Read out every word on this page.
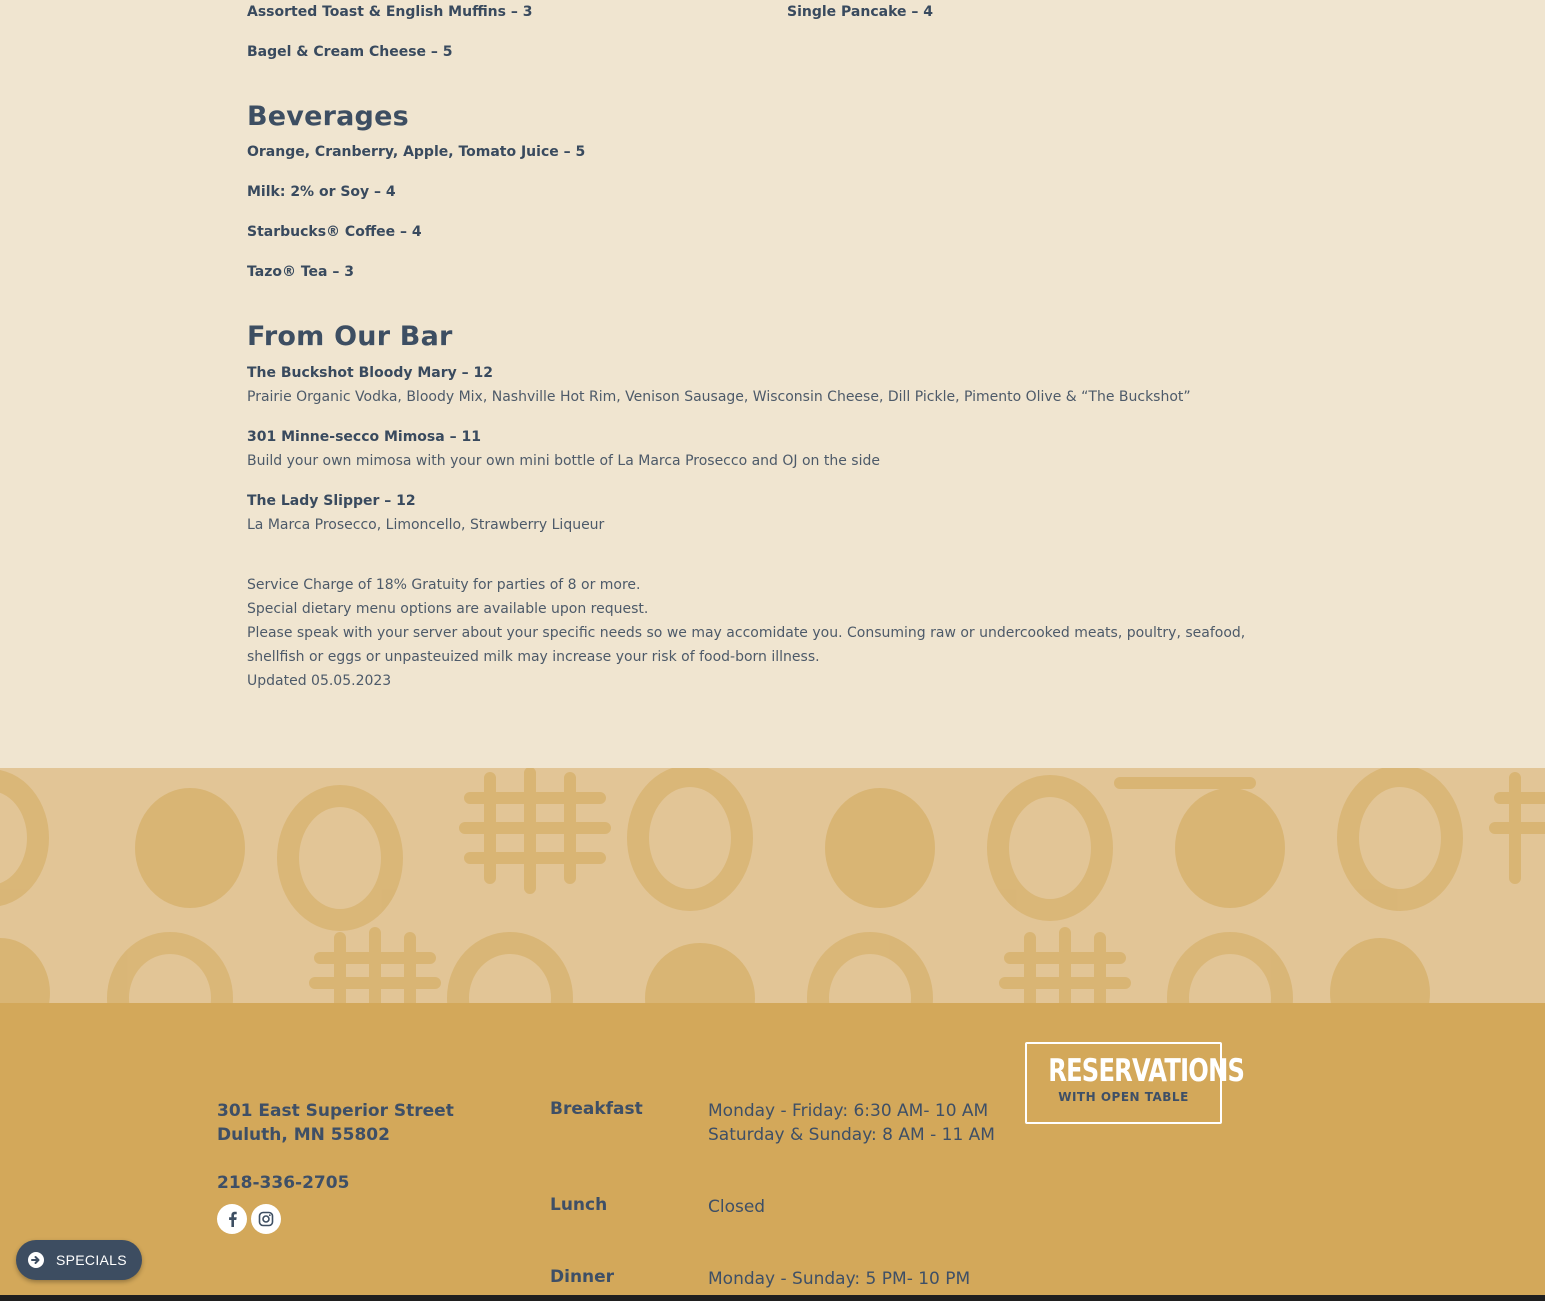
Assorted Toast & English Muffins – 3
Bagel & Cream Cheese – 5
Single Pancake – 4
Beverages
Orange, Cranberry, Apple, Tomato Juice – 5
Milk: 2% or Soy – 4
Starbucks® Coffee – 4
Tazo® Tea – 3
From Our Bar
The Buckshot Bloody Mary – 12
Prairie Organic Vodka, Bloody Mix, Nashville Hot Rim, Venison Sausage, Wisconsin Cheese, Dill Pickle, Pimento Olive & “The Buckshot”
301 Minne-secco Mimosa – 11
Build your own mimosa with your own mini bottle of La Marca Prosecco and OJ on the side
The Lady Slipper – 12
La Marca Prosecco, Limoncello, Strawberry Liqueur
Service Charge of 18% Gratuity for parties of 8 or more.
Special dietary menu options are available upon request.
Please speak with your server about your specific needs so we may accomidate you. Consuming raw or undercooked meats, poultry, seafood, shellfish or eggs or unpasteuized milk may increase your risk of food-born illness.
Updated 05.05.2023
301 East Superior Street
Duluth, MN 55802
218-336-2705
Breakfast	Monday - Friday: 6:30 AM- 10 AM
Saturday & Sunday: 8 AM - 11 AM
Lunch	Closed
Dinner	Monday - Sunday: 5 PM- 10 PM
RESERVATIONS
WITH OPEN TABLE
SPECIALS
